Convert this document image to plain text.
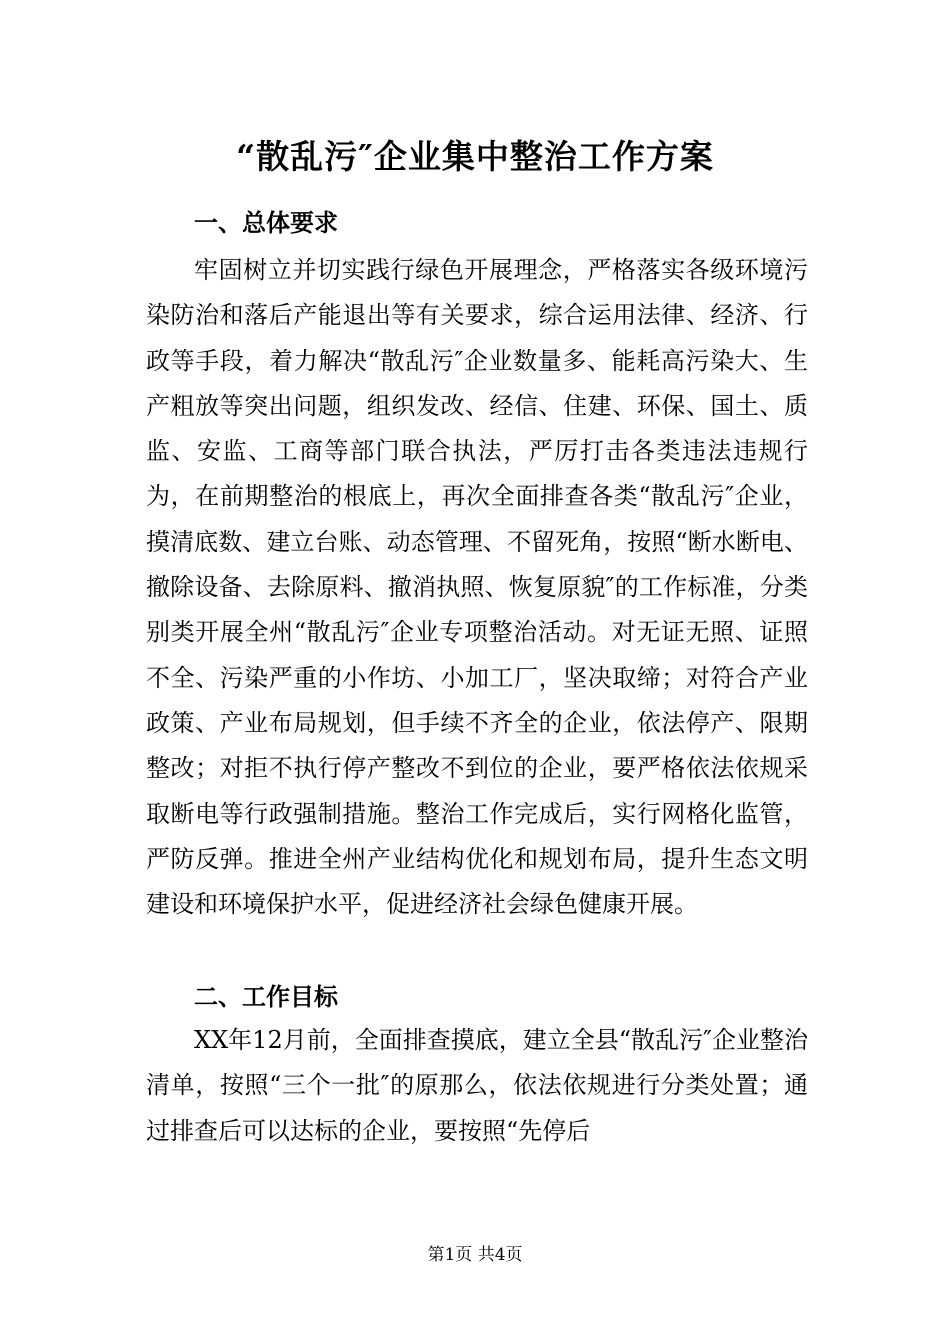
“散乱污″企业集中整治工作方案
一、总体要求

牢固树立并切实践行绿色开展理念，严格落实各级环境污染防治和落后产能退出等有关要求，综合运用法律、经济、行政等手段，着力解决“散乱污″企业数量多、能耗高污染大、生产粗放等突出问题，组织发改、经信、住建、环保、国土、质监、安监、工商等部门联合执法，严厉打击各类违法违规行为，在前期整治的根底上，再次全面排查各类“散乱污″企业，摸清底数、建立台账、动态管理、不留死角，按照“断水断电、撤除设备、去除原料、撤消执照、恢复原貌″的工作标准，分类别类开展全州“散乱污″企业专项整治活动。对无证无照、证照不全、污染严重的小作坊、小加工厂，坚决取缔；对符合产业政策、产业布局规划，但手续不齐全的企业，依法停产、限期整改；对拒不执行停产整改不到位的企业，要严格依法依规采取断电等行政强制措施。整治工作完成后，实行网格化监管，严防反弹。推进全州产业结构优化和规划布局，提升生态文明建设和环境保护水平，促进经济社会绿色健康开展。

二、工作目标

XX年12月前，全面排查摸底，建立全县“散乱污″企业整治清单，按照“三个一批″的原那么，依法依规进行分类处置；通过排查后可以达标的企业，要按照“先停后

第1页 共4页
